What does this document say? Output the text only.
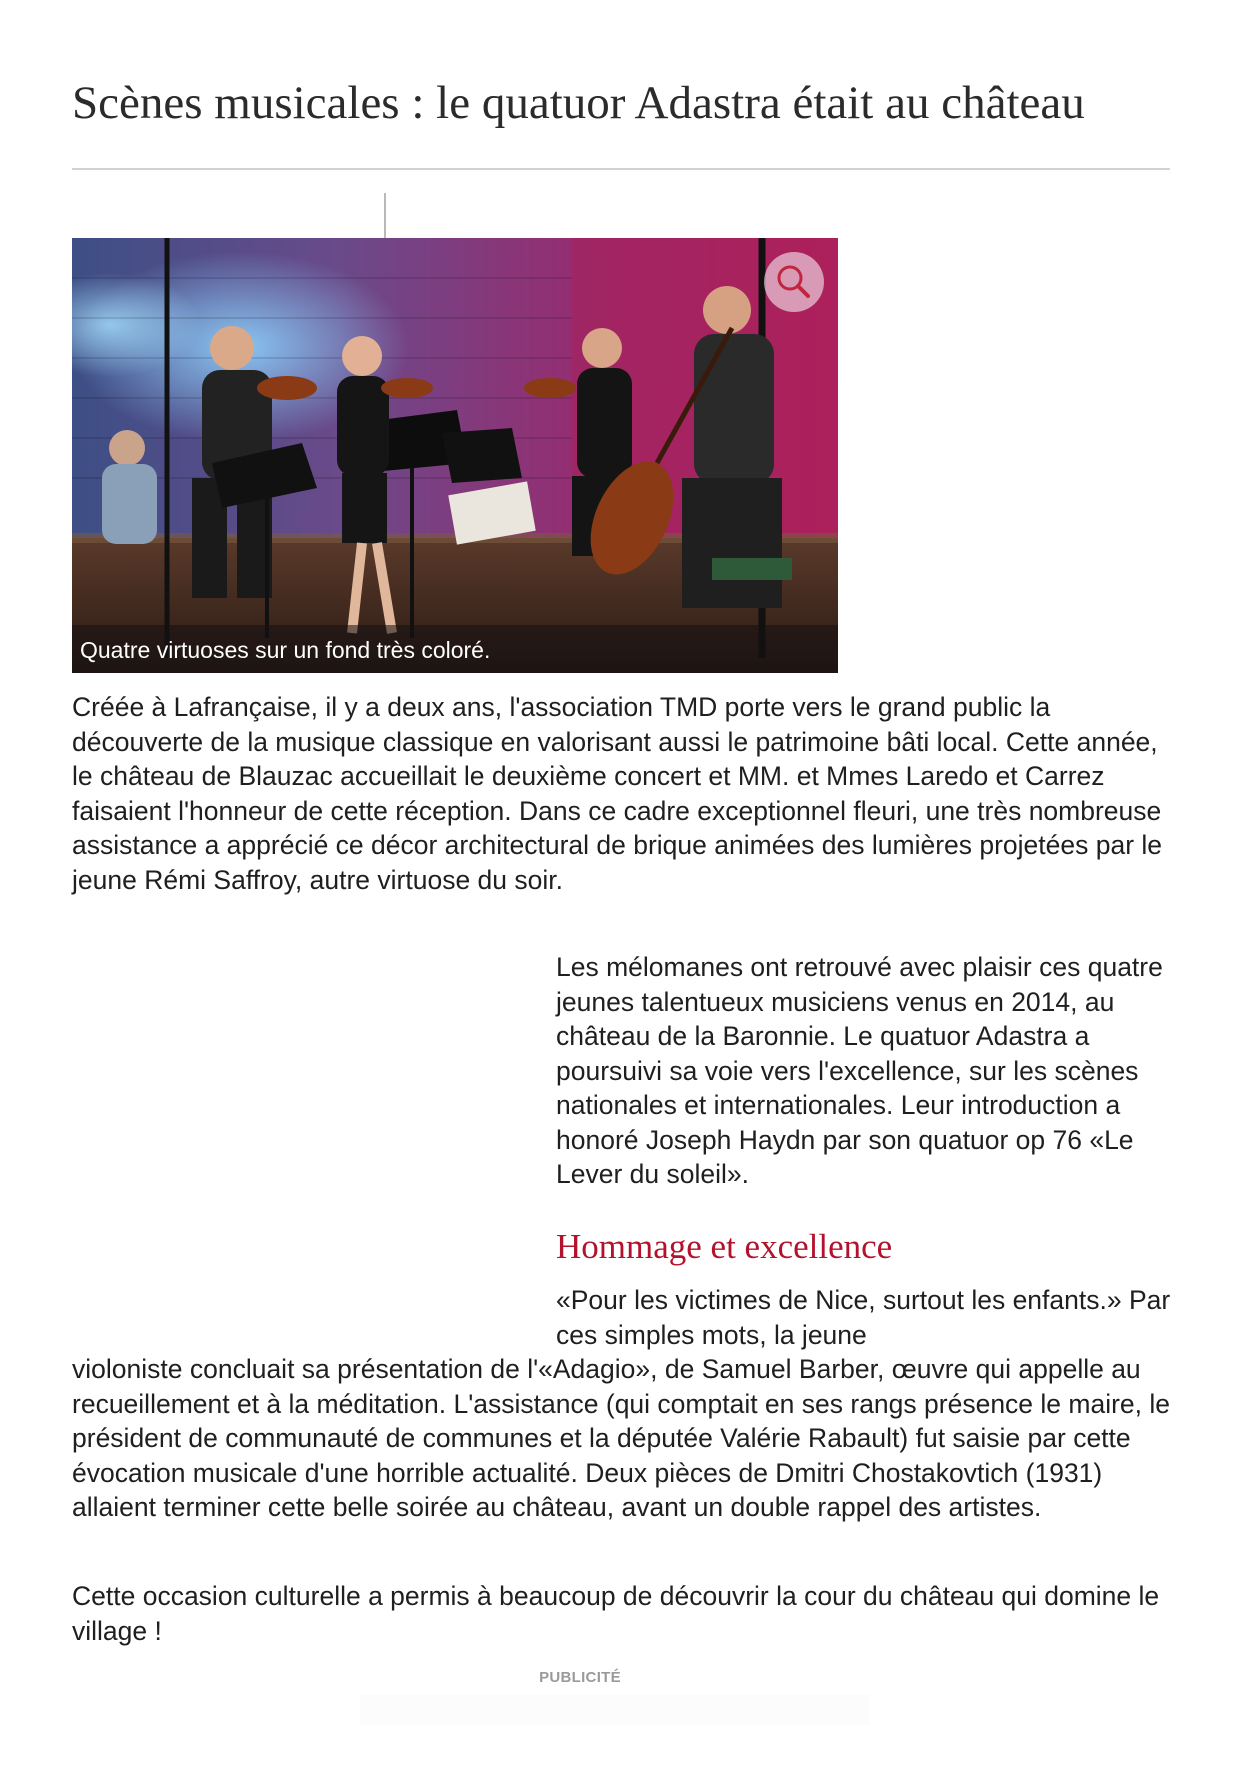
Scènes musicales : le quatuor Adastra était au château
Quatre virtuoses sur un fond très coloré.

Créée à Lafrançaise, il y a deux ans, l'association TMD porte vers le grand public la découverte de la musique classique en valorisant aussi le patrimoine bâti local. Cette année, le château de Blauzac accueillait le deuxième concert et MM. et Mmes Laredo et Carrez faisaient l'honneur de cette réception. Dans ce cadre exceptionnel fleuri, une très nombreuse assistance a apprécié ce décor architectural de brique animées des lumières projetées par le jeune Rémi Saffroy, autre virtuose du soir.

Les mélomanes ont retrouvé avec plaisir ces quatre jeunes talentueux musiciens venus en 2014, au château de la Baronnie. Le quatuor Adastra a poursuivi sa voie vers l'excellence, sur les scènes nationales et internationales. Leur introduction a honoré Joseph Haydn par son quatuor op 76 «Le Lever du soleil».

Hommage et excellence

«Pour les victimes de Nice, surtout les enfants.» Par ces simples mots, la jeune

violoniste concluait sa présentation de l'«Adagio», de Samuel Barber, œuvre qui appelle au recueillement et à la méditation. L'assistance (qui comptait en ses rangs présence le maire, le président de communauté de communes et la députée Valérie Rabault) fut saisie par cette évocation musicale d'une horrible actualité. Deux pièces de Dmitri Chostakovtich (1931) allaient terminer cette belle soirée au château, avant un double rappel des artistes.

Cette occasion culturelle a permis à beaucoup de découvrir la cour du château qui domine le village !

PUBLICITÉ
